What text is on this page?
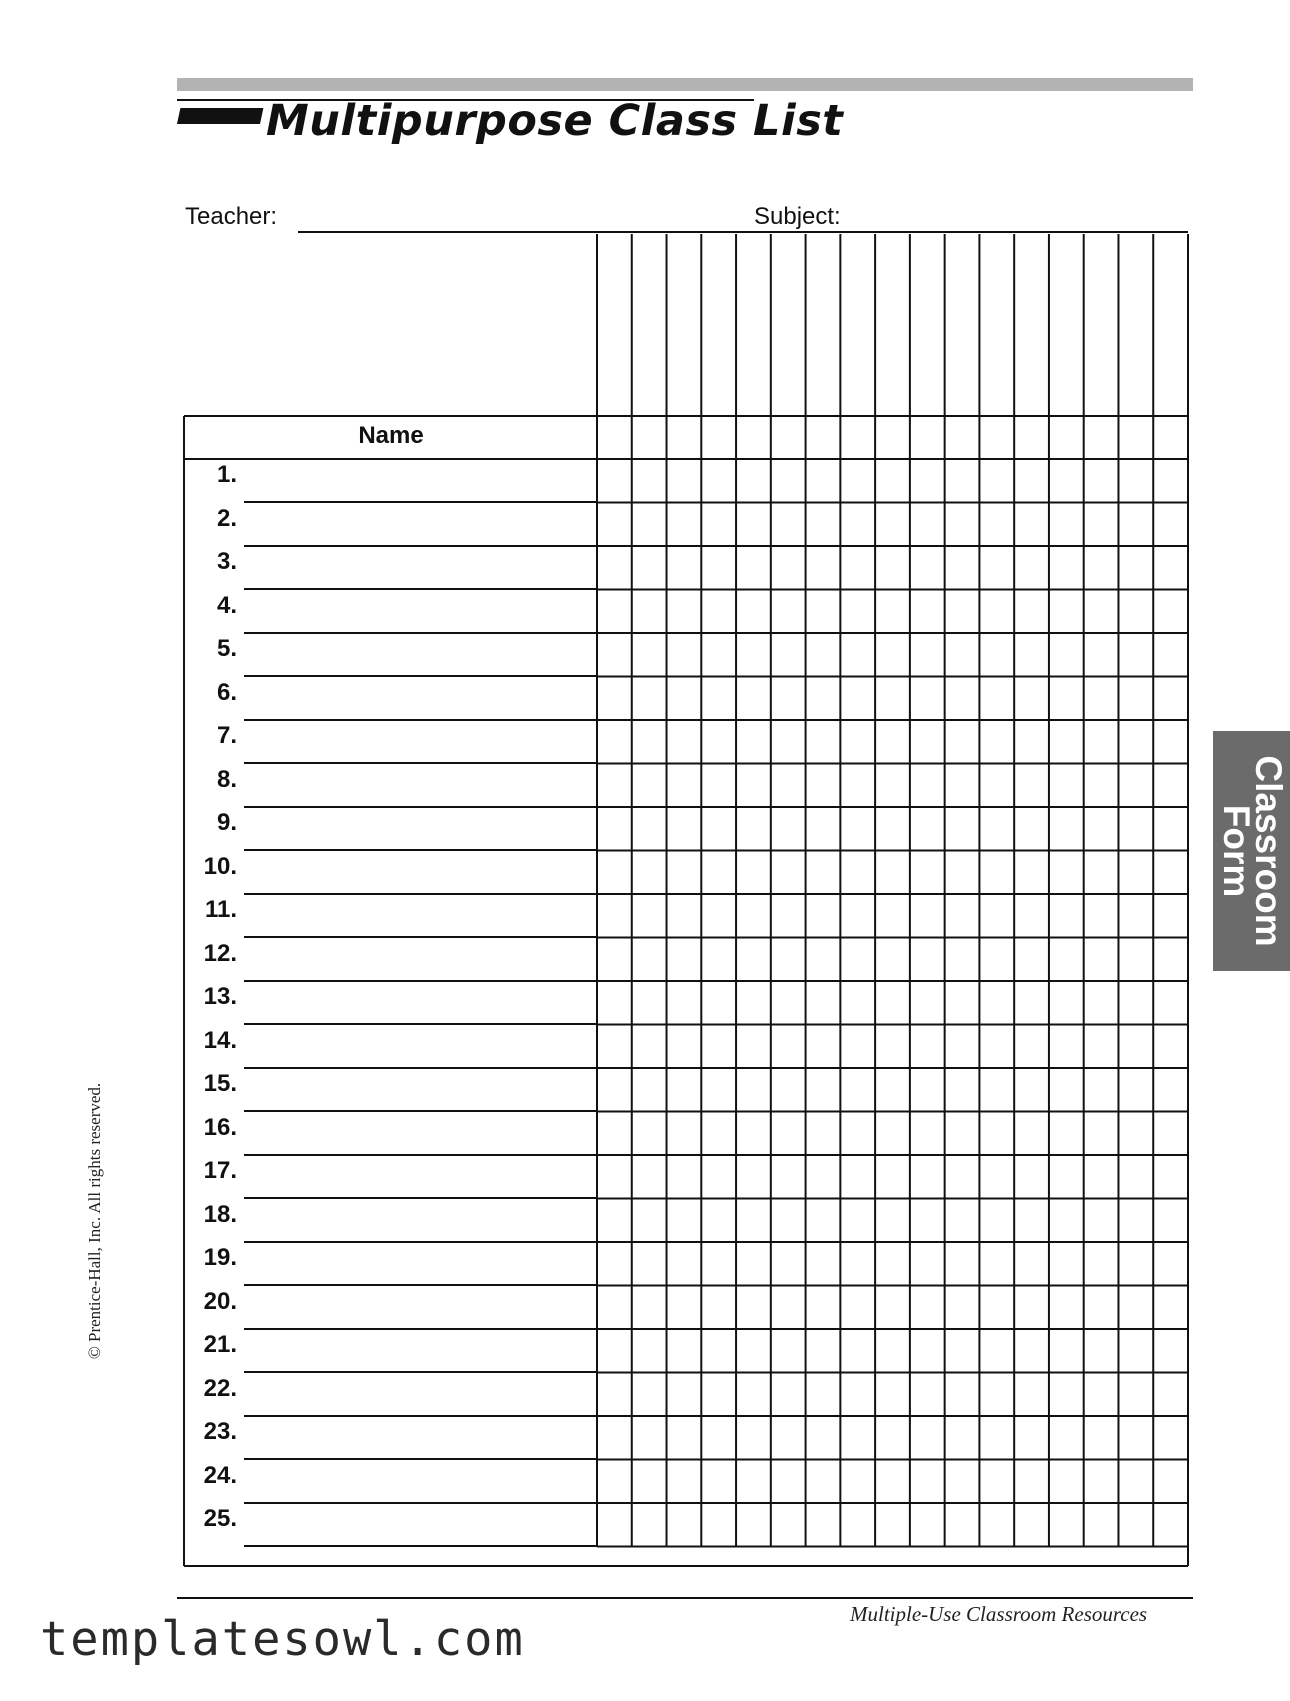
Multipurpose Class List
Teacher:	Subject:
Name
1.
2.
3.
4.
5.
6.
7.
8.
9.
10.
11.
12.
13.
14.
15.
16.
17.
18.
19.
20.
21.
22.
23.
24.
25.
Classroom
Form
© Prentice-Hall, Inc. All rights reserved.
Multiple-Use Classroom Resources
templatesowl.com
